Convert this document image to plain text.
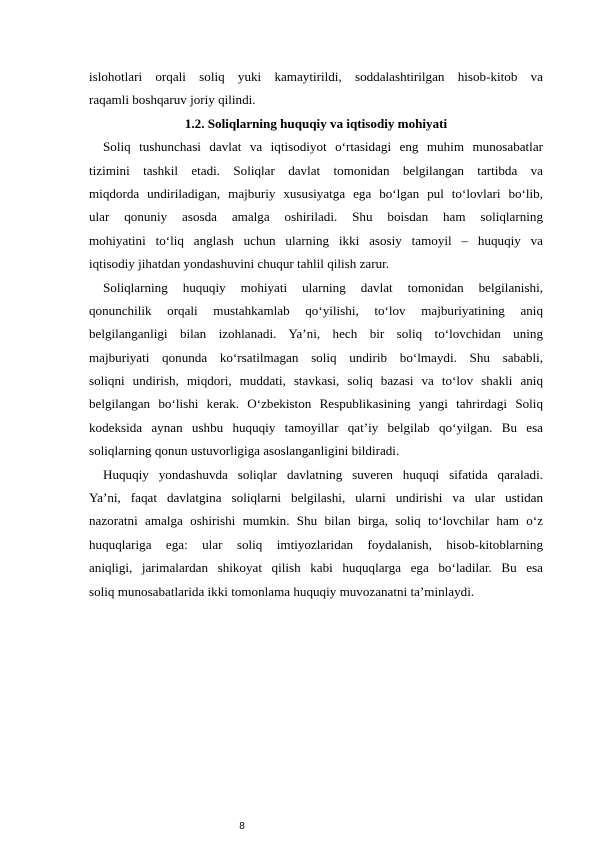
islohotlari orqali soliq yuki kamaytirildi, soddalashtirilgan hisob-kitob va
raqamli boshqaruv joriy qilindi.
1.2. Soliqlarning huquqiy va iqtisodiy mohiyati
Soliq tushunchasi davlat va iqtisodiyot o‘rtasidagi eng muhim munosabatlar
tizimini tashkil etadi. Soliqlar davlat tomonidan belgilangan tartibda va
miqdorda undiriladigan, majburiy xususiyatga ega bo‘lgan pul to‘lovlari bo‘lib,
ular qonuniy asosda amalga oshiriladi. Shu boisdan ham soliqlarning
mohiyatini to‘liq anglash uchun ularning ikki asosiy tamoyil – huquqiy va
iqtisodiy jihatdan yondashuvini chuqur tahlil qilish zarur.
Soliqlarning huquqiy mohiyati ularning davlat tomonidan belgilanishi,
qonunchilik orqali mustahkamlab qo‘yilishi, to‘lov majburiyatining aniq
belgilanganligi bilan izohlanadi. Ya’ni, hech bir soliq to‘lovchidan uning
majburiyati qonunda ko‘rsatilmagan soliq undirib bo‘lmaydi. Shu sababli,
soliqni undirish, miqdori, muddati, stavkasi, soliq bazasi va to‘lov shakli aniq
belgilangan bo‘lishi kerak. O‘zbekiston Respublikasining yangi tahrirdagi Soliq
kodeksida aynan ushbu huquqiy tamoyillar qat’iy belgilab qo‘yilgan. Bu esa
soliqlarning qonun ustuvorligiga asoslanganligini bildiradi.
Huquqiy yondashuvda soliqlar davlatning suveren huquqi sifatida qaraladi.
Ya’ni, faqat davlatgina soliqlarni belgilashi, ularni undirishi va ular ustidan
nazoratni amalga oshirishi mumkin. Shu bilan birga, soliq to‘lovchilar ham o‘z
huquqlariga ega: ular soliq imtiyozlaridan foydalanish, hisob-kitoblarning
aniqligi, jarimalardan shikoyat qilish kabi huquqlarga ega bo‘ladilar. Bu esa
soliq munosabatlarida ikki tomonlama huquqiy muvozanatni ta’minlaydi.
8
